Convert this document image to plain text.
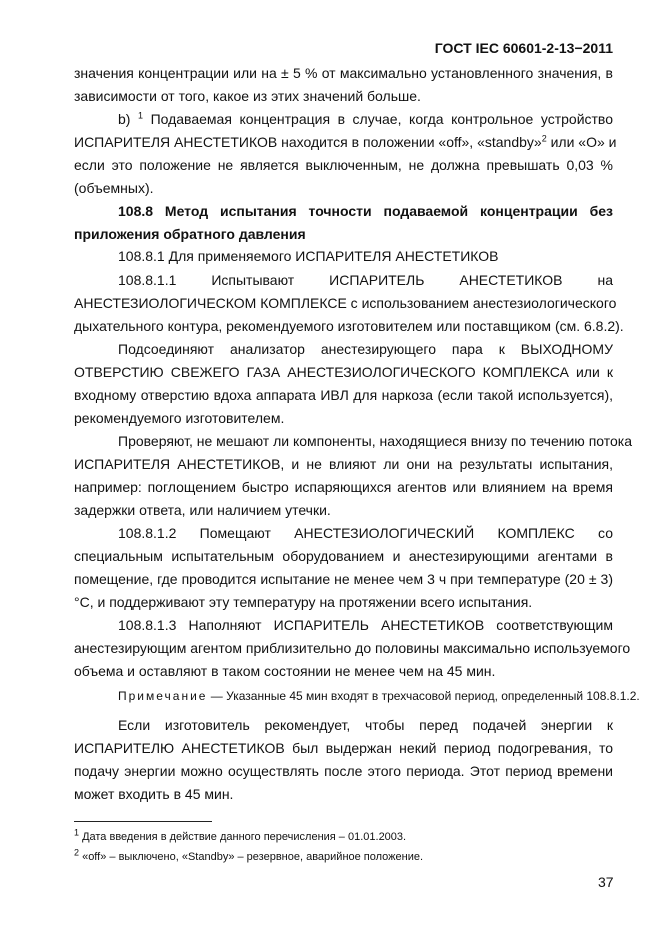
ГОСТ IEC 60601-2-13−2011
значения концентрации или на ± 5 % от максимально установленного значения, в
зависимости от того, какое из этих значений больше.
b) $^1$ Подаваемая концентрация в случае, когда контрольное устройство
ИСПАРИТЕЛЯ АНЕСТЕТИКОВ находится в положении «off», «standby»$^2$ или «О» и
если это положение не является выключенным, не должна превышать 0,03 %
(объемных).
108.8 Метод испытания точности подаваемой концентрации без
приложения обратного давления
108.8.1 Для применяемого ИСПАРИТЕЛЯ АНЕСТЕТИКОВ
108.8.1.1 Испытывают ИСПАРИТЕЛЬ АНЕСТЕТИКОВ на
АНЕСТЕЗИОЛОГИЧЕСКОМ КОМПЛЕКСЕ с использованием анестезиологического
дыхательного контура, рекомендуемого изготовителем или поставщиком (см. 6.8.2).
Подсоединяют анализатор анестезирующего пара к ВЫХОДНОМУ
ОТВЕРСТИЮ СВЕЖЕГО ГАЗА АНЕСТЕЗИОЛОГИЧЕСКОГО КОМПЛЕКСА или к
входному отверстию вдоха аппарата ИВЛ для наркоза (если такой используется),
рекомендуемого изготовителем.
Проверяют, не мешают ли компоненты, находящиеся внизу по течению потока
ИСПАРИТЕЛЯ АНЕСТЕТИКОВ, и не влияют ли они на результаты испытания,
например: поглощением быстро испаряющихся агентов или влиянием на время
задержки ответа, или наличием утечки.
108.8.1.2 Помещают АНЕСТЕЗИОЛОГИЧЕСКИЙ КОМПЛЕКС со
специальным испытательным оборудованием и анестезирующими агентами в
помещение, где проводится испытание не менее чем 3 ч при температуре (20 ± 3)
°С, и поддерживают эту температуру на протяжении всего испытания.
108.8.1.3 Наполняют ИСПАРИТЕЛЬ АНЕСТЕТИКОВ соответствующим
анестезирующим агентом приблизительно до половины максимально используемого
объема и оставляют в таком состоянии не менее чем на 45 мин.
Примечание — Указанные 45 мин входят в трехчасовой период, определенный 108.8.1.2.
Если изготовитель рекомендует, чтобы перед подачей энергии к
ИСПАРИТЕЛЮ АНЕСТЕТИКОВ был выдержан некий период подогревания, то
подачу энергии можно осуществлять после этого периода. Этот период времени
может входить в 45 мин.
$^1$ Дата введения в действие данного перечисления – 01.01.2003.
$^2$ «off» – выключено, «Standby» – резервное, аварийное положение.
37
